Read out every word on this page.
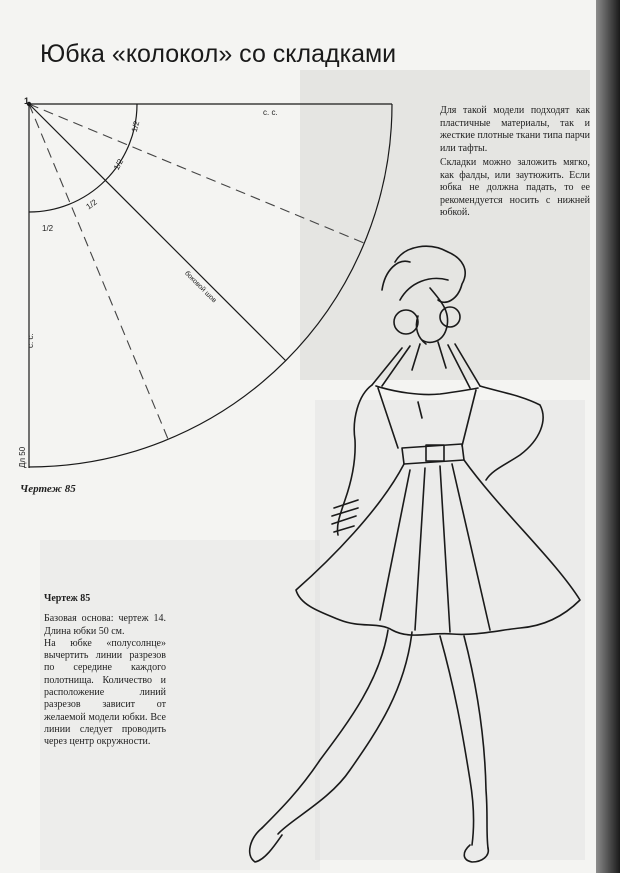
Юбка «колокол» со складками
1
с. с.
с. с.
1/2
1/2
1/2
1/2
боковой шов
Дл 50
Чертеж 85

Для такой модели подходят как пластичные материалы, так и жесткие плотные ткани типа парчи или тафты.

Складки можно заложить мягко, как фалды, или заутюжить. Если юбка не должна падать, то ее рекомендуется носить с нижней юбкой.

Чертеж 85

Базовая основа: чертеж 14. Длина юбки 50 см.

На юбке «полусолнце» вычертить линии разрезов по середине каждого полотнища. Количество и расположение линий разрезов зависит от желаемой модели юбки. Все линии следует проводить через центр окружности.
